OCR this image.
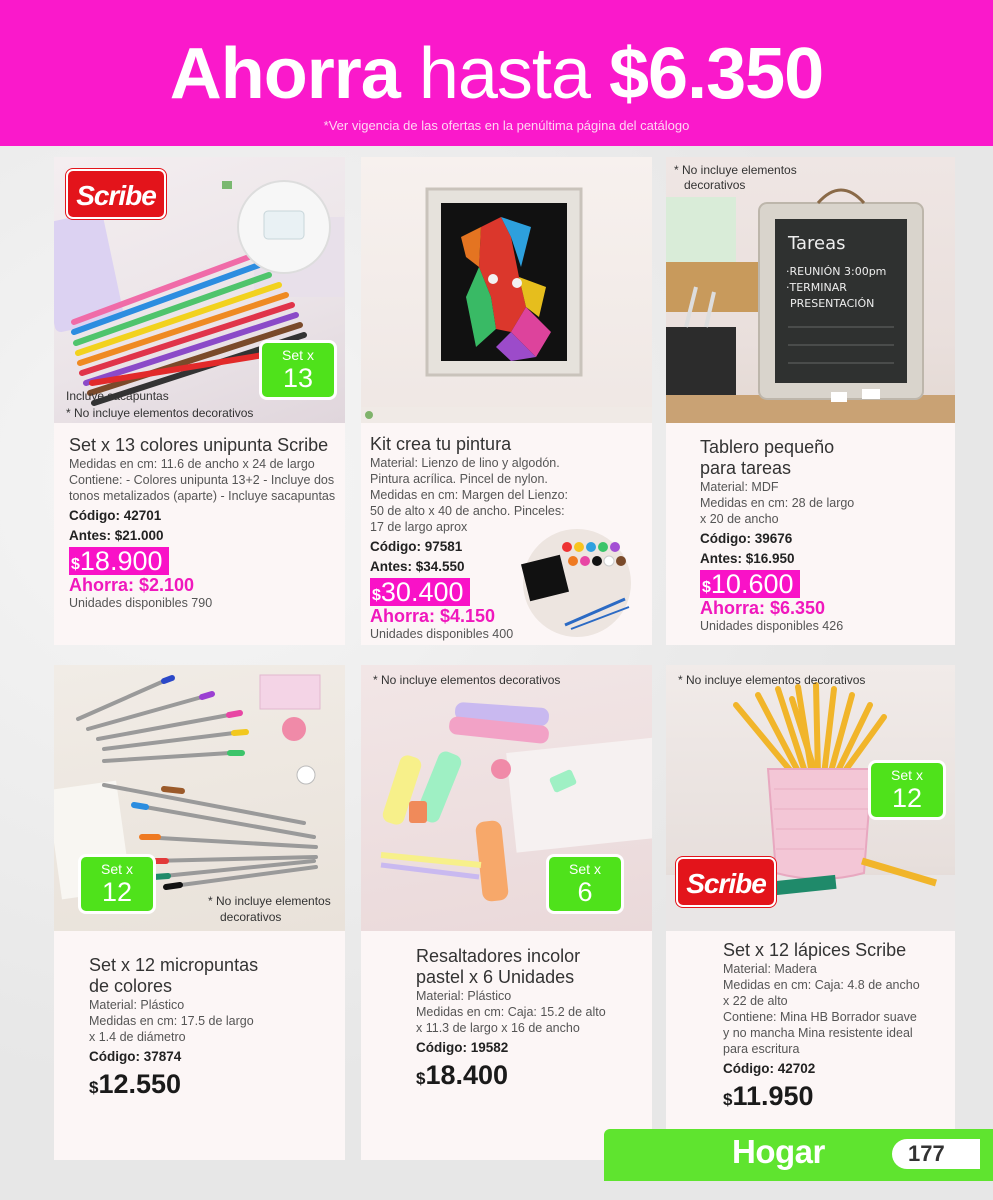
Ahorra hasta $6.350
*Ver vigencia de las ofertas en la penúltima página del catálogo
Scribe
Set x
13
Incluye sacapuntas
* No incluye elementos decorativos
Set x 13 colores unipunta Scribe
Medidas en cm: 11.6 de ancho x 24 de largo
Contiene: - Colores unipunta 13+2 - Incluye dos
tonos metalizados (aparte) - Incluye sacapuntas
Código: 42701
Antes: $21.000
$18.900
Ahorra: $2.100
Unidades disponibles 790
Kit crea tu pintura
Material: Lienzo de lino y algodón.
Pintura acrílica. Pincel de nylon.
Medidas en cm: Margen del Lienzo:
50 de alto x 40 de ancho. Pinceles:
17 de largo aprox
Código: 97581
Antes: $34.550
$30.400
Ahorra: $4.150
Unidades disponibles 400
Tareas
·REUNIÓN 3:00pm
·TERMINAR
PRESENTACIÓN
* No incluye elementos
decorativos
Tablero pequeño
para tareas
Material: MDF
Medidas en cm: 28 de largo
x 20 de ancho
Código: 39676
Antes: $16.950
$10.600
Ahorra: $6.350
Unidades disponibles 426
Set x
12	* No incluye elementos
decorativos
Set x 12 micropuntas
de colores
Material: Plástico
Medidas en cm: 17.5 de largo
x 1.4 de diámetro
Código: 37874
$12.550
Set x
6
* No incluye elementos decorativos
Resaltadores incolor
pastel x 6 Unidades
Material: Plástico
Medidas en cm: Caja: 15.2 de alto
x 11.3 de largo x 16 de ancho
Código: 19582
$18.400
Set x
12
Scribe
* No incluye elementos decorativos
Set x 12 lápices Scribe
Material: Madera
Medidas en cm: Caja: 4.8 de ancho
x 22 de alto
Contiene: Mina HB Borrador suave
y no mancha Mina resistente ideal
para escritura
Código: 42702
$11.950
Hogar	177
